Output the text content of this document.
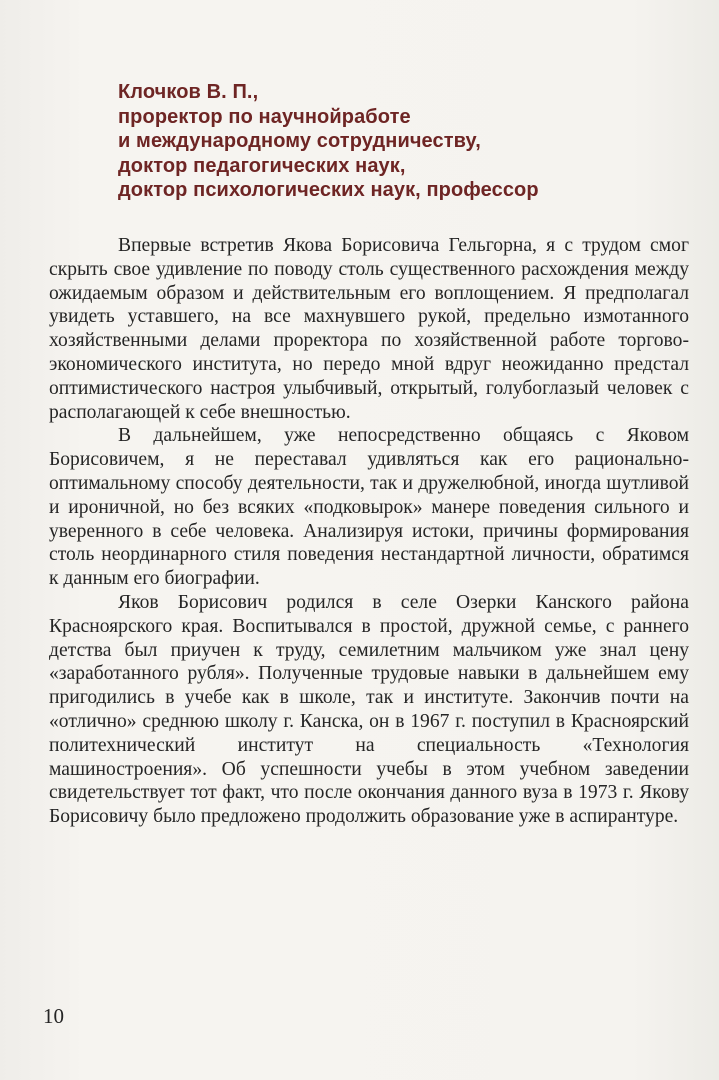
Клочков В. П.,
проректор по научнойработе
и международному сотрудничеству,
доктор педагогических наук,
доктор психологических наук, профессор

Впервые встретив Якова Борисовича Гельгорна, я с трудом смог скрыть свое удивление по поводу столь существенного расхождения между ожидаемым образом и действительным его воплощением. Я предполагал увидеть уставшего, на все махнувшего рукой, предельно измотанного хозяйственными делами проректора по хозяйственной работе торгово-экономического института, но передо мной вдруг неожиданно предстал оптимистического настроя улыбчивый, открытый, голубоглазый человек с располагающей к себе внешностью.

В дальнейшем, уже непосредственно общаясь с Яковом Борисовичем, я не переставал удивляться как его рационально-оптимальному способу деятельности, так и дружелюбной, иногда шутливой и ироничной, но без всяких «подковырок» манере поведения сильного и уверенного в себе человека. Анализируя истоки, причины формирования столь неординарного стиля поведения нестандартной личности, обратимся к данным его биографии.

Яков Борисович родился в селе Озерки Канского района Красноярского края. Воспитывался в простой, дружной семье, с раннего детства был приучен к труду, семилетним мальчиком уже знал цену «заработанного рубля». Полученные трудовые навыки в дальнейшем ему пригодились в учебе как в школе, так и институте. Закончив почти на «отлично» среднюю школу г. Канска, он в 1967 г. поступил в Красноярский политехнический институт на специальность «Технология машиностроения». Об успешности учебы в этом учебном заведении свидетельствует тот факт, что после окончания данного вуза в 1973 г. Якову Борисовичу было предложено продолжить образование уже в аспирантуре.

10
